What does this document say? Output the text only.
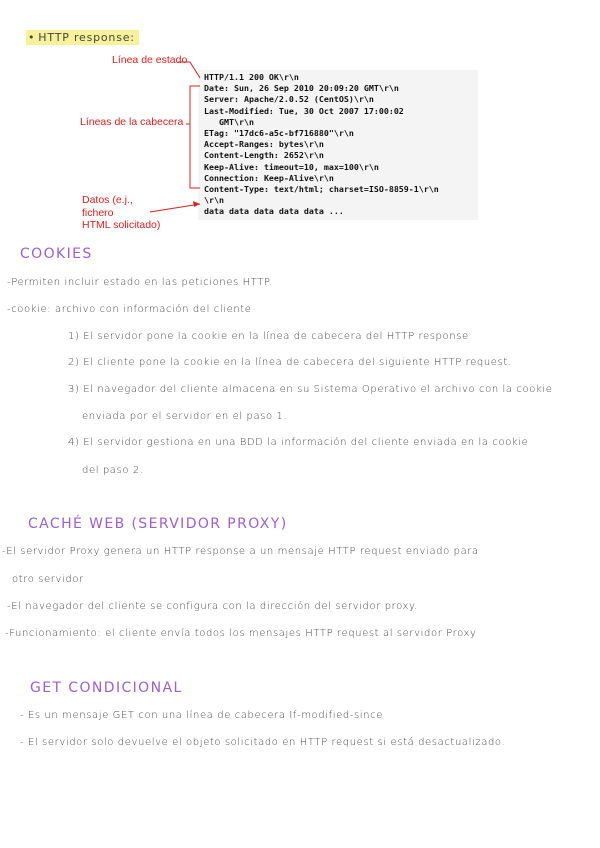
• HTTP response:
HTTP/1.1 200 OK\r\n
Date: Sun, 26 Sep 2010 20:09:20 GMT\r\n
Server: Apache/2.0.52 (CentOS)\r\n
Last-Modified: Tue, 30 Oct 2007 17:00:02
GMT\r\n
ETag: "17dc6-a5c-bf716880"\r\n
Accept-Ranges: bytes\r\n
Content-Length: 2652\r\n
Keep-Alive: timeout=10, max=100\r\n
Connection: Keep-Alive\r\n
Content-Type: text/html; charset=ISO-8859-1\r\n
\r\n
data data data data data ...
Línea de estado
Líneas de la cabecera
Datos (e.j.,
fichero
HTML solicitado)
COOKIES
-Permiten incluir estado en las peticiones HTTP.
-cookie: archivo con información del cliente
1) El servidor pone la cookie en la línea de cabecera del HTTP response
2) El cliente pone la cookie en la línea de cabecera del siguiente HTTP request.
3) El navegador del cliente almacena en su Sistema Operativo el archivo con la cookie
enviada por el servidor en el paso 1.
4) El servidor gestiona en una BDD la información del cliente enviada en la cookie
del paso 2.
CACHÉ WEB (SERVIDOR PROXY)
-El servidor Proxy genera un HTTP response a un mensaje HTTP request enviado para
otro servidor
-El navegador del cliente se configura con la dirección del servidor proxy.
-Funcionamiento: el cliente envía todos los mensajes HTTP request al servidor Proxy
GET CONDICIONAL
- Es un mensaje GET con una línea de cabecera If-modified-since
- El servidor solo devuelve el objeto solicitado en HTTP request si está desactualizado.
